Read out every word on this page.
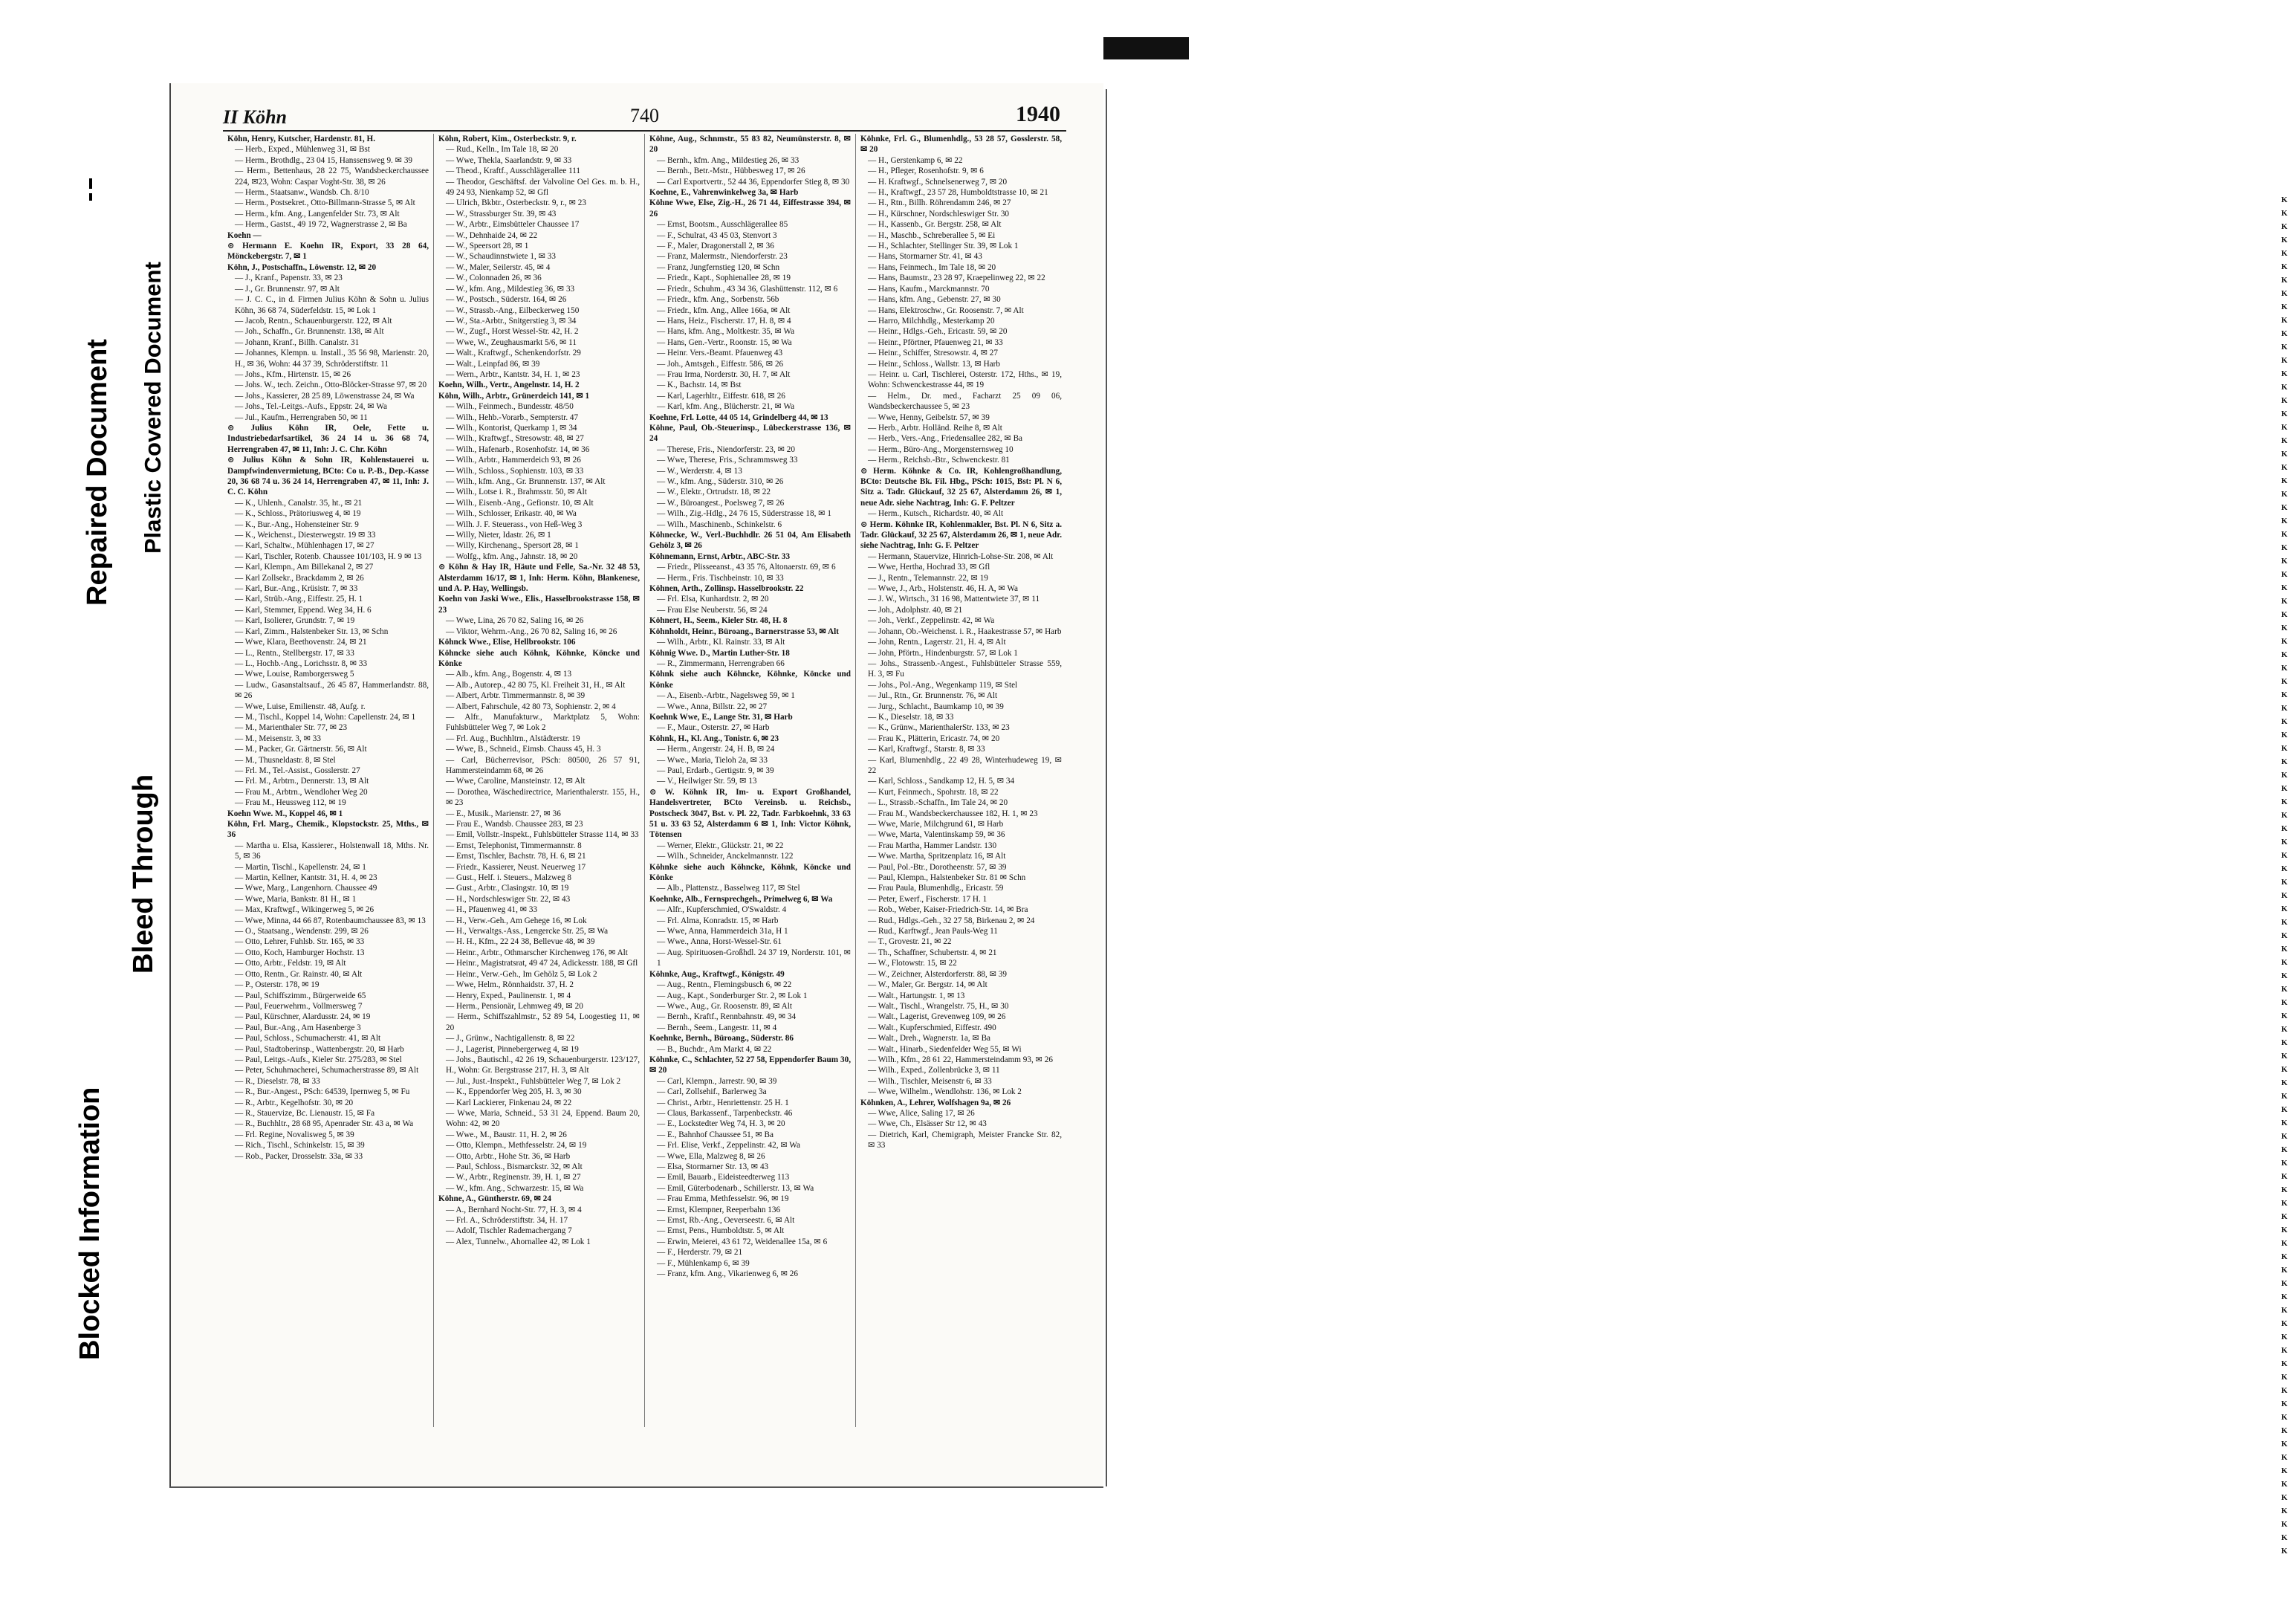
K
K
K
K
K
K
K
K
K
K
K
K
K
K
K
K
K
K
K
K
K
K
K
K
K
K
K
K
K
K
K
K
K
K
K
K
K
K
K
K
K
K
K
K
K
K
K
K
K
K
K
K
K
K
K
K
K
K
K
K
K
K
K
K
K
K
K
K
K
K
K
K
K
K
K
K
K
K
K
K
K
K
K
K
K
K
K
K
K
K
K
K
K
K
K
K
K
K
K
K
K
K
Bleed Through
Blocked Information
Repaired Document Plastic Covered Document
II Köhn	740	1940

Köhn, Henry, Kutscher, Hardenstr. 81, H.

— Herb., Exped., Mühlenweg 31, ✉ Bst

— Herm., Brothdlg., 23 04 15, Hanssensweg 9. ✉ 39

— Herm., Bettenhaus, 28 22 75, Wandsbeckerchaussee 224, ✉23, Wohn: Caspar Voght-Str. 38, ✉ 26

— Herm., Staatsanw., Wandsb. Ch. 8/10

— Herm., Postsekret., Otto-Billmann-Strasse 5, ✉ Alt

— Herm., kfm. Ang., Langenfelder Str. 73, ✉ Alt

— Herm., Gastst., 49 19 72, Wagnerstrasse 2, ✉ Ba

Koehn —

⊙ Hermann E. Koehn IR, Export, 33 28 64, Mönckebergstr. 7, ✉ 1

Köhn, J., Postschaffn., Löwenstr. 12, ✉ 20

— J., Kranf., Papenstr. 33, ✉ 23

— J., Gr. Brunnenstr. 97, ✉ Alt

— J. C. C., in d. Firmen Julius Köhn & Sohn u. Julius Köhn, 36 68 74, Süderfeldstr. 15, ✉ Lok 1

— Jacob, Rentn., Schauenburgerstr. 122, ✉ Alt

— Joh., Schaffn., Gr. Brunnenstr. 138, ✉ Alt

— Johann, Kranf., Billh. Canalstr. 31

— Johannes, Klempn. u. Install., 35 56 98, Marienstr. 20, H., ✉ 36, Wohn: 44 37 39, Schröderstiftstr. 11

— Johs., Kfm., Hirtenstr. 15, ✉ 26

— Johs. W., tech. Zeichn., Otto-Blöcker-Strasse 97, ✉ 20

— Johs., Kassierer, 28 25 89, Löwenstrasse 24, ✉ Wa

— Johs., Tel.-Leitgs.-Aufs., Eppstr. 24, ✉ Wa

— Jul., Kaufm., Herrengraben 50, ✉ 11

⊙ Julius Köhn IR, Oele, Fette u. Industriebedarfsartikel, 36 24 14 u. 36 68 74, Herrengraben 47, ✉ 11, Inh: J. C. Chr. Köhn

⊙ Julius Köhn & Sohn IR, Kohlenstauerei u. Dampfwindenvermietung, BCto: Co u. P.-B., Dep.-Kasse 20, 36 68 74 u. 36 24 14, Herrengraben 47, ✉ 11, Inh: J. C. C. Köhn

— K., Uhlenh., Canalstr. 35, ht., ✉ 21

— K., Schloss., Prätoriusweg 4, ✉ 19

— K., Bur.-Ang., Hohensteiner Str. 9

— K., Weichenst., Diesterwegstr. 19 ✉ 33

— Karl, Schaltw., Mühlenhagen 17, ✉ 27

— Karl, Tischler, Rotenb. Chaussee 101/103, H. 9 ✉ 13

— Karl, Klempn., Am Billekanal 2, ✉ 27

— Karl Zollsekr., Brackdamm 2, ✉ 26

— Karl, Bur.-Ang., Krüsistr. 7, ✉ 33

— Karl, Strüb.-Ang., Eiffestr. 25, H. 1

— Karl, Stemmer, Eppend. Weg 34, H. 6

— Karl, Isolierer, Grundstr. 7, ✉ 19

— Karl, Zimm., Halstenbeker Str. 13, ✉ Schn

— Wwe, Klara, Beethovenstr. 24, ✉ 21

— L., Rentn., Stellbergstr. 17, ✉ 33

— L., Hochb.-Ang., Lorichsstr. 8, ✉ 33

— Wwe, Louise, Ramborgersweg 5

— Ludw., Gasanstaltsauf., 26 45 87, Hammerlandstr. 88, ✉ 26

— Wwe, Luise, Emilienstr. 48, Aufg. r.

— M., Tischl., Koppel 14, Wohn: Capellenstr. 24, ✉ 1

— M., Marienthaler Str. 77, ✉ 23

— M., Meisenstr. 3, ✉ 33

— M., Packer, Gr. Gärtnerstr. 56, ✉ Alt

— M., Thusneldastr. 8, ✉ Stel

— Frl. M., Tel.-Assist., Gosslerstr. 27

— Frl. M., Arbtrn., Dennerstr. 13, ✉ Alt

— Frau M., Arbtrn., Wendloher Weg 20

— Frau M., Heussweg 112, ✉ 19

Koehn Wwe. M., Koppel 46, ✉ 1

Köhn, Frl. Marg., Chemik., Klopstockstr. 25, Mths., ✉ 36

— Martha u. Elsa, Kassierer., Holstenwall 18, Mths. Nr. 5, ✉ 36

— Martin, Tischl., Kapellenstr. 24, ✉ 1

— Martin, Kellner, Kantstr. 31, H. 4, ✉ 23

— Wwe, Marg., Langenhorn. Chaussee 49

— Wwe, Maria, Bankstr. 81 H., ✉ 1

— Max, Kraftwgf., Wikingerweg 5, ✉ 26

— Wwe, Minna, 44 66 87, Rotenbaumchaussee 83, ✉ 13

— O., Staatsang., Wendenstr. 299, ✉ 26

— Otto, Lehrer, Fuhlsb. Str. 165, ✉ 33

— Otto, Koch, Hamburger Hochstr. 13

— Otto, Arbtr., Feldstr. 19, ✉ Alt

— Otto, Rentn., Gr. Rainstr. 40, ✉ Alt

— P., Osterstr. 178, ✉ 19

— Paul, Schiffszimm., Bürgerweide 65

— Paul, Feuerwehrm., Vollmersweg 7

— Paul, Kürschner, Alardusstr. 24, ✉ 19

— Paul, Bur.-Ang., Am Hasenberge 3

— Paul, Schloss., Schumacherstr. 41, ✉ Alt

— Paul, Stadtoberinsp., Wattenbergstr. 20, ✉ Harb

— Paul, Leitgs.-Aufs., Kieler Str. 275/283, ✉ Stel

— Peter, Schuhmacherei, Schumacherstrasse 89, ✉ Alt

— R., Dieselstr. 78, ✉ 33

— R., Bur.-Angest., PSch: 64539, Ipernweg 5, ✉ Fu

— R., Arbtr., Kegelhofstr. 30, ✉ 20

— R., Stauervize, Bc. Lienaustr. 15, ✉ Fa

— R., Buchhltr., 28 68 95, Apenrader Str. 43 a, ✉ Wa

— Frl. Regine, Novalisweg 5, ✉ 39

— Rich., Tischl., Schinkelstr. 15, ✉ 39

— Rob., Packer, Drosselstr. 33a, ✉ 33

Köhn, Robert, Kim., Osterbeckstr. 9, r.

— Rud., Kelln., Im Tale 18, ✉ 20

— Wwe, Thekla, Saarlandstr. 9, ✉ 33

— Theod., Kraftf., Ausschlägerallee 111

— Theodor, Geschäftsf. der Valvoline Oel Ges. m. b. H., 49 24 93, Nienkamp 52, ✉ Gfl

— Ulrich, Bkbtr., Osterbeckstr. 9, r., ✉ 23

— W., Strassburger Str. 39, ✉ 43

— W., Arbtr., Eimsbütteler Chaussee 17

— W., Dehnhaide 24, ✉ 22

— W., Speersort 28, ✉ 1

— W., Schaudinnstwiete 1, ✉ 33

— W., Maler, Seilerstr. 45, ✉ 4

— W., Colonnaden 26, ✉ 36

— W., kfm. Ang., Mildestieg 36, ✉ 33

— W., Postsch., Süderstr. 164, ✉ 26

— W., Strassb.-Ang., Eilbeckerweg 150

— W., Sta.-Arbtr., Snitgerstieg 3, ✉ 34

— W., Zugf., Horst Wessel-Str. 42, H. 2

— Wwe, W., Zeughausmarkt 5/6, ✉ 11

— Walt., Kraftwgf., Schenkendorfstr. 29

— Walt., Leinpfad 86, ✉ 39

— Wern., Arbtr., Kantstr. 34, H. 1, ✉ 23

Koehn, Wilh., Vertr., Angelnstr. 14, H. 2

Köhn, Wilh., Arbtr., Grünerdeich 141, ✉ 1

— Wilh., Feinmech., Bundesstr. 48/50

— Wilh., Hehb.-Vorarb., Sempterstr. 47

— Wilh., Kontorist, Querkamp 1, ✉ 34

— Wilh., Kraftwgf., Stresowstr. 48, ✉ 27

— Wilh., Hafenarb., Rosenhofstr. 14, ✉ 36

— Wilh., Arbtr., Hammerdeich 93, ✉ 26

— Wilh., Schloss., Sophienstr. 103, ✉ 33

— Wilh., kfm. Ang., Gr. Brunnenstr. 137, ✉ Alt

— Wilh., Lotse i. R., Brahmsstr. 50, ✉ Alt

— Wilh., Eisenb.-Ang., Gefionstr. 10, ✉ Alt

— Wilh., Schlosser, Erikastr. 40, ✉ Wa

— Wilh. J. F. Steuerass., von Heß-Weg 3

— Willy, Nieter, Idastr. 26, ✉ 1

— Willy, Kirchenang., Spersort 28, ✉ 1

— Wolfg., kfm. Ang., Jahnstr. 18, ✉ 20

⊙ Köhn & Hay IR, Häute und Felle, Sa.-Nr. 32 48 53, Alsterdamm 16/17, ✉ 1, Inh: Herm. Köhn, Blankenese, und A. P. Hay, Wellingsb.

Koehn von Jaski Wwe., Elis., Hasselbrookstrasse 158, ✉ 23

— Wwe, Lina, 26 70 82, Saling 16, ✉ 26

— Viktor, Wehrm.-Ang., 26 70 82, Saling 16, ✉ 26

Köhnck Wwe., Elise, Hellbrookstr. 106

Köhncke siehe auch Köhnk, Köhnke, Köncke und Könke

— Alb., kfm. Ang., Bogenstr. 4, ✉ 13

— Alb., Autorep., 42 80 75, Kl. Freiheit 31, H., ✉ Alt

— Albert, Arbtr. Timmermannstr. 8, ✉ 39

— Albert, Fahrschule, 42 80 73, Sophienstr. 2, ✉ 4

— Alfr., Manufakturw., Marktplatz 5, Wohn: Fuhlsbütteler Weg 7, ✉ Lok 2

— Frl. Aug., Buchhltrn., Alstädterstr. 19

— Wwe, B., Schneid., Eimsb. Chauss 45, H. 3

— Carl, Bücherrevisor, PSch: 80500, 26 57 91, Hammersteindamm 68, ✉ 26

— Wwe, Caroline, Mansteinstr. 12, ✉ Alt

— Dorothea, Wäschedirectrice, Marienthalerstr. 155, H., ✉ 23

— E., Musik., Marienstr. 27, ✉ 36

— Frau E., Wandsb. Chaussee 283, ✉ 23

— Emil, Vollstr.-Inspekt., Fuhlsbütteler Strasse 114, ✉ 33

— Ernst, Telephonist, Timmermannstr. 8

— Ernst, Tischler, Bachstr. 78, H. 6, ✉ 21

— Friedr., Kassierer, Neust. Neuerweg 17

— Gust., Helf. i. Steuers., Malzweg 8

— Gust., Arbtr., Clasingstr. 10, ✉ 19

— H., Nordschleswiger Str. 22, ✉ 43

— H., Pfauenweg 41, ✉ 33

— H., Verw.-Geh., Am Gehege 16, ✉ Lok

— H., Verwaltgs.-Ass., Lengercke Str. 25, ✉ Wa

— H. H., Kfm., 22 24 38, Bellevue 48, ✉ 39

— Heinr., Arbtr., Othmarscher Kirchenweg 176, ✉ Alt

— Heinr., Magistratsrat, 49 47 24, Adickesstr. 188, ✉ Gfl

— Heinr., Verw.-Geh., Im Gehölz 5, ✉ Lok 2

— Wwe, Helm., Rönnhaidstr. 37, H. 2

— Henry, Exped., Paulinenstr. 1, ✉ 4

— Herm., Pensionär, Lehmweg 49, ✉ 20

— Herm., Schiffszahlmstr., 52 89 54, Loogestieg 11, ✉ 20

— J., Grünw., Nachtigallenstr. 8, ✉ 22

— J., Lagerist, Pinnebergerweg 4, ✉ 19

— Johs., Bautischl., 42 26 19, Schauenburgerstr. 123/127, H., Wohn: Gr. Bergstrasse 217, H. 3, ✉ Alt

— Jul., Just.-Inspekt., Fuhlsbütteler Weg 7, ✉ Lok 2

— K., Eppendorfer Weg 205, H. 3, ✉ 30

— Karl Lackierer, Finkenau 24, ✉ 22

— Wwe, Maria, Schneid., 53 31 24, Eppend. Baum 20, Wohn: 42, ✉ 20

— Wwe., M., Baustr. 11, H. 2, ✉ 26

— Otto, Klempn., Methfesselstr. 24, ✉ 19

— Otto, Arbtr., Hohe Str. 36, ✉ Harb

— Paul, Schloss., Bismarckstr. 32, ✉ Alt

— W., Arbtr., Reginenstr. 39, H. 1, ✉ 27

— W., kfm. Ang., Schwarzestr. 15, ✉ Wa

Köhne, A., Güntherstr. 69, ✉ 24

— A., Bernhard Nocht-Str. 77, H. 3, ✉ 4

— Frl. A., Schröderstiftstr. 34, H. 17

— Adolf, Tischler Rademachergang 7

— Alex, Tunnelw., Ahornallee 42, ✉ Lok 1

Köhne, Aug., Schnmstr., 55 83 82, Neumünsterstr. 8, ✉ 20

— Bernh., kfm. Ang., Mildestieg 26, ✉ 33

— Bernh., Betr.-Mstr., Hübbesweg 17, ✉ 26

— Carl Exportvertr., 52 44 36, Eppendorfer Stieg 8, ✉ 30

Koehne, E., Vahrenwinkelweg 3a, ✉ Harb

Köhne Wwe, Else, Zig.-H., 26 71 44, Eiffestrasse 394, ✉ 26

— Ernst, Bootsm., Ausschlägerallee 85

— F., Schulrat, 43 45 03, Stenvort 3

— F., Maler, Dragonerstall 2, ✉ 36

— Franz, Malermstr., Niendorferstr. 23

— Franz, Jungfernstieg 120, ✉ Schn

— Friedr., Kapt., Sophienallee 28, ✉ 19

— Friedr., Schuhm., 43 34 36, Glashüttenstr. 112, ✉ 6

— Friedr., kfm. Ang., Sorbenstr. 56b

— Friedr., kfm. Ang., Allee 166a, ✉ Alt

— Hans, Heiz., Fischerstr. 17, H. 8, ✉ 4

— Hans, kfm. Ang., Moltkestr. 35, ✉ Wa

— Hans, Gen.-Vertr., Roonstr. 15, ✉ Wa

— Heinr. Vers.-Beamt. Pfauenweg 43

— Joh., Amtsgeh., Eiffestr. 586, ✉ 26

— Frau Irma, Norderstr. 30, H. 7, ✉ Alt

— K., Bachstr. 14, ✉ Bst

— Karl, Lagerhltr., Eiffestr. 618, ✉ 26

— Karl, kfm. Ang., Blücherstr. 21, ✉ Wa

Koehne, Frl. Lotte, 44 05 14, Grindelberg 44, ✉ 13

Köhne, Paul, Ob.-Steuerinsp., Lübeckerstrasse 136, ✉ 24

— Therese, Fris., Niendorferstr. 23, ✉ 20

— Wwe, Therese, Fris., Schrammsweg 33

— W., Werderstr. 4, ✉ 13

— W., kfm. Ang., Süderstr. 310, ✉ 26

— W., Elektr., Ortrudstr. 18, ✉ 22

— W., Büroangest., Poelsweg 7, ✉ 26

— Wilh., Zig.-Hdlg., 24 76 15, Süderstrasse 18, ✉ 1

— Wilh., Maschinenb., Schinkelstr. 6

Köhnecke, W., Verl.-Buchhdlr. 26 51 04, Am Elisabeth Gehölz 3, ✉ 26

Köhnemann, Ernst, Arbtr., ABC-Str. 33

— Friedr., Plisseeanst., 43 35 76, Altonaerstr. 69, ✉ 6

— Herm., Fris. Tischbeinstr. 10, ✉ 33

Köhnen, Arth., Zollinsp. Hasselbrookstr. 22

— Frl. Elsa, Kunhardtstr. 2, ✉ 20

— Frau Else Neuberstr. 56, ✉ 24

Köhnert, H., Seem., Kieler Str. 48, H. 8

Köhnholdt, Heinr., Büroang., Barnerstrasse 53, ✉ Alt

— Wilh., Arbtr., Kl. Rainstr. 33, ✉ Alt

Köhnig Wwe. D., Martin Luther-Str. 18

— R., Zimmermann, Herrengraben 66

Köhnk siehe auch Köhncke, Köhnke, Köncke und Könke

— A., Eisenb.-Arbtr., Nagelsweg 59, ✉ 1

— Wwe., Anna, Billstr. 22, ✉ 27

Koehnk Wwe, E., Lange Str. 31, ✉ Harb

— F., Maur., Osterstr. 27, ✉ Harb

Köhnk, H., Kl. Ang., Tonistr. 6, ✉ 23

— Herm., Angerstr. 24, H. B, ✉ 24

— Wwe., Maria, Tieloh 2a, ✉ 33

— Paul, Erdarb., Gertigstr. 9, ✉ 39

— V., Heilwiger Str. 59, ✉ 13

⊙ W. Köhnk IR, Im- u. Export Großhandel, Handelsvertreter, BCto Vereinsb. u. Reichsb., Postscheck 3047, Bst. v. Pl. 22, Tadr. Farbkoehnk, 33 63 51 u. 33 63 52, Alsterdamm 6 ✉ 1, Inh: Victor Köhnk, Tötensen

— Werner, Elektr., Glückstr. 21, ✉ 22

— Wilh., Schneider, Anckelmannstr. 122

Köhnke siehe auch Köhncke, Köhnk, Köncke und Könke

— Alb., Plattenstz., Basselweg 117, ✉ Stel

Koehnke, Alb., Fernsprechgeh., Primelweg 6, ✉ Wa

— Alfr., Kupferschmied, O'Swaldstr. 4

— Frl. Alma, Konradstr. 15, ✉ Harb

— Wwe, Anna, Hammerdeich 31a, H 1

— Wwe., Anna, Horst-Wessel-Str. 61

— Aug. Spirituosen-Großhdl. 24 37 19, Norderstr. 101, ✉ 1

Köhnke, Aug., Kraftwgf., Königstr. 49

— Aug., Rentn., Flemingsbusch 6, ✉ 22

— Aug., Kapt., Sonderburger Str. 2, ✉ Lok 1

— Wwe., Aug., Gr. Roosenstr. 89, ✉ Alt

— Bernh., Kraftf., Rennbahnstr. 49, ✉ 34

— Bernh., Seem., Langestr. 11, ✉ 4

Koehnke, Bernh., Büroang., Süderstr. 86

— B., Buchdr., Am Markt 4, ✉ 22

Köhnke, C., Schlachter, 52 27 58, Eppendorfer Baum 30, ✉ 20

— Carl, Klempn., Jarrestr. 90, ✉ 39

— Carl, Zollsehif., Barlerweg 3a

— Christ., Arbtr., Henriettenstr. 25 H. 1

— Claus, Barkassenf., Tarpenbeckstr. 46

— E., Lockstedter Weg 74, H. 3, ✉ 20

— E., Bahnhof Chaussee 51, ✉ Ba

— Frl. Elise, Verkf., Zeppelinstr. 42, ✉ Wa

— Wwe, Ella, Malzweg 8, ✉ 26

— Elsa, Stormarner Str. 13, ✉ 43

— Emil, Bauarb., Eideisteedterweg 113

— Emil, Güterbodenarb., Schillerstr. 13, ✉ Wa

— Frau Emma, Methfesselstr. 96, ✉ 19

— Ernst, Klempner, Reeperbahn 136

— Ernst, Rb.-Ang., Oeverseestr. 6, ✉ Alt

— Ernst, Pens., Humboldtstr. 5, ✉ Alt

— Erwin, Meierei, 43 61 72, Weidenallee 15a, ✉ 6

— F., Herderstr. 79, ✉ 21

— F., Mühlenkamp 6, ✉ 39

— Franz, kfm. Ang., Vikarienweg 6, ✉ 26

Köhnke, Frl. G., Blumenhdlg., 53 28 57, Gosslerstr. 58, ✉ 20

— H., Gerstenkamp 6, ✉ 22

— H., Pfleger, Rosenhofstr. 9, ✉ 6

— H. Kraftwgf., Schnelsenerweg 7, ✉ 20

— H., Kraftwgf., 23 57 28, Humboldtstrasse 10, ✉ 21

— H., Rtn., Billh. Röhrendamm 246, ✉ 27

— H., Kürschner, Nordschleswiger Str. 30

— H., Kassenb., Gr. Bergstr. 258, ✉ Alt

— H., Maschb., Schreberallee 5, ✉ Ei

— H., Schlachter, Stellinger Str. 39, ✉ Lok 1

— Hans, Stormarner Str. 41, ✉ 43

— Hans, Feinmech., Im Tale 18, ✉ 20

— Hans, Baumstr., 23 28 97, Kraepelinweg 22, ✉ 22

— Hans, Kaufm., Marckmannstr. 70

— Hans, kfm. Ang., Gebenstr. 27, ✉ 30

— Hans, Elektroschw., Gr. Roosenstr. 7, ✉ Alt

— Harro, Milchhdlg., Mesterkamp 20

— Heinr., Hdlgs.-Geh., Ericastr. 59, ✉ 20

— Heinr., Pförtner, Pfauenweg 21, ✉ 33

— Heinr., Schiffer, Stresowstr. 4, ✉ 27

— Heinr., Schloss., Wallstr. 13, ✉ Harb

— Heinr. u. Carl, Tischlerei, Osterstr. 172, Hths., ✉ 19, Wohn: Schwenckestrasse 44, ✉ 19

— Helm., Dr. med., Facharzt 25 09 06, Wandsbeckerchaussee 5, ✉ 23

— Wwe, Henny, Geibelstr. 57, ✉ 39

— Herb., Arbtr. Holländ. Reihe 8, ✉ Alt

— Herb., Vers.-Ang., Friedensallee 282, ✉ Ba

— Herm., Büro-Ang., Morgensternsweg 10

— Herm., Reichsb.-Btr., Schwenckestr. 81

⊙ Herm. Köhnke & Co. IR, Kohlengroßhandlung, BCto: Deutsche Bk. Fil. Hbg., PSch: 1015, Bst: Pl. N 6, Sitz a. Tadr. Glückauf, 32 25 67, Alsterdamm 26, ✉ 1, neue Adr. siehe Nachtrag, Inh: G. F. Peltzer

— Herm., Kutsch., Richardstr. 40, ✉ Alt

⊙ Herm. Köhnke IR, Kohlenmakler, Bst. Pl. N 6, Sitz a. Tadr. Glückauf, 32 25 67, Alsterdamm 26, ✉ 1, neue Adr. siehe Nachtrag, Inh: G. F. Peltzer

— Hermann, Stauervize, Hinrich-Lohse-Str. 208, ✉ Alt

— Wwe, Hertha, Hochrad 33, ✉ Gfl

— J., Rentn., Telemannstr. 22, ✉ 19

— Wwe, J., Arb., Holstenstr. 46, H. A, ✉ Wa

— J. W., Wirtsch., 31 16 98, Mattentwiete 37, ✉ 11

— Joh., Adolphstr. 40, ✉ 21

— Joh., Verkf., Zeppelinstr. 42, ✉ Wa

— Johann, Ob.-Weichenst. i. R., Haakestrasse 57, ✉ Harb

— John, Rentn., Lagerstr. 21, H. 4, ✉ Alt

— John, Pförtn., Hindenburgstr. 57, ✉ Lok 1

— Johs., Strassenb.-Angest., Fuhlsbütteler Strasse 559, H. 3, ✉ Fu

— Johs., Pol.-Ang., Wegenkamp 119, ✉ Stel

— Jul., Rtn., Gr. Brunnenstr. 76, ✉ Alt

— Jurg., Schlacht., Baumkamp 10, ✉ 39

— K., Dieselstr. 18, ✉ 33

— K., Grünw., MarienthalerStr. 133, ✉ 23

— Frau K., Plätterin, Ericastr. 74, ✉ 20

— Karl, Kraftwgf., Starstr. 8, ✉ 33

— Karl, Blumenhdlg., 22 49 28, Winterhudeweg 19, ✉ 22

— Karl, Schloss., Sandkamp 12, H. 5, ✉ 34

— Kurt, Feinmech., Spohrstr. 18, ✉ 22

— L., Strassb.-Schaffn., Im Tale 24, ✉ 20

— Frau M., Wandsbeckerchaussee 182, H. 1, ✉ 23

— Wwe, Marie, Milchgrund 61, ✉ Harb

— Wwe, Marta, Valentinskamp 59, ✉ 36

— Frau Martha, Hammer Landstr. 130

— Wwe. Martha, Spritzenplatz 16, ✉ Alt

— Paul, Pol.-Btr., Dorotheenstr. 57, ✉ 39

— Paul, Klempn., Halstenbeker Str. 81 ✉ Schn

— Frau Paula, Blumenhdlg., Ericastr. 59

— Peter, Ewerf., Fischerstr. 17 H. 1

— Rob., Weber, Kaiser-Friedrich-Str. 14, ✉ Bra

— Rud., Hdlgs.-Geh., 32 27 58, Birkenau 2, ✉ 24

— Rud., Karftwgf., Jean Pauls-Weg 11

— T., Grovestr. 21, ✉ 22

— Th., Schaffner, Schubertstr. 4, ✉ 21

— W., Flotowstr. 15, ✉ 22

— W., Zeichner, Alsterdorferstr. 88, ✉ 39

— W., Maler, Gr. Bergstr. 14, ✉ Alt

— Walt., Hartungstr. 1, ✉ 13

— Walt., Tischl., Wrangelstr. 75, H., ✉ 30

— Walt., Lagerist, Grevenweg 109, ✉ 26

— Walt., Kupferschmied, Eiffestr. 490

— Walt., Dreh., Wagnerstr. 1a, ✉ Ba

— Walt., Hinarb., Siedenfelder Weg 55, ✉ Wi

— Wilh., Kfm., 28 61 22, Hammersteindamm 93, ✉ 26

— Wilh., Exped., Zollenbrücke 3, ✉ 11

— Wilh., Tischler, Meisenstr 6, ✉ 33

— Wwe, Wilhelm., Wendlohstr. 136, ✉ Lok 2

Köhnken, A., Lehrer, Wolfshagen 9a, ✉ 26

— Wwe, Alice, Saling 17, ✉ 26

— Wwe, Ch., Elsässer Str 12, ✉ 43

— Dietrich, Karl, Chemigraph, Meister Francke Str. 82, ✉ 33
